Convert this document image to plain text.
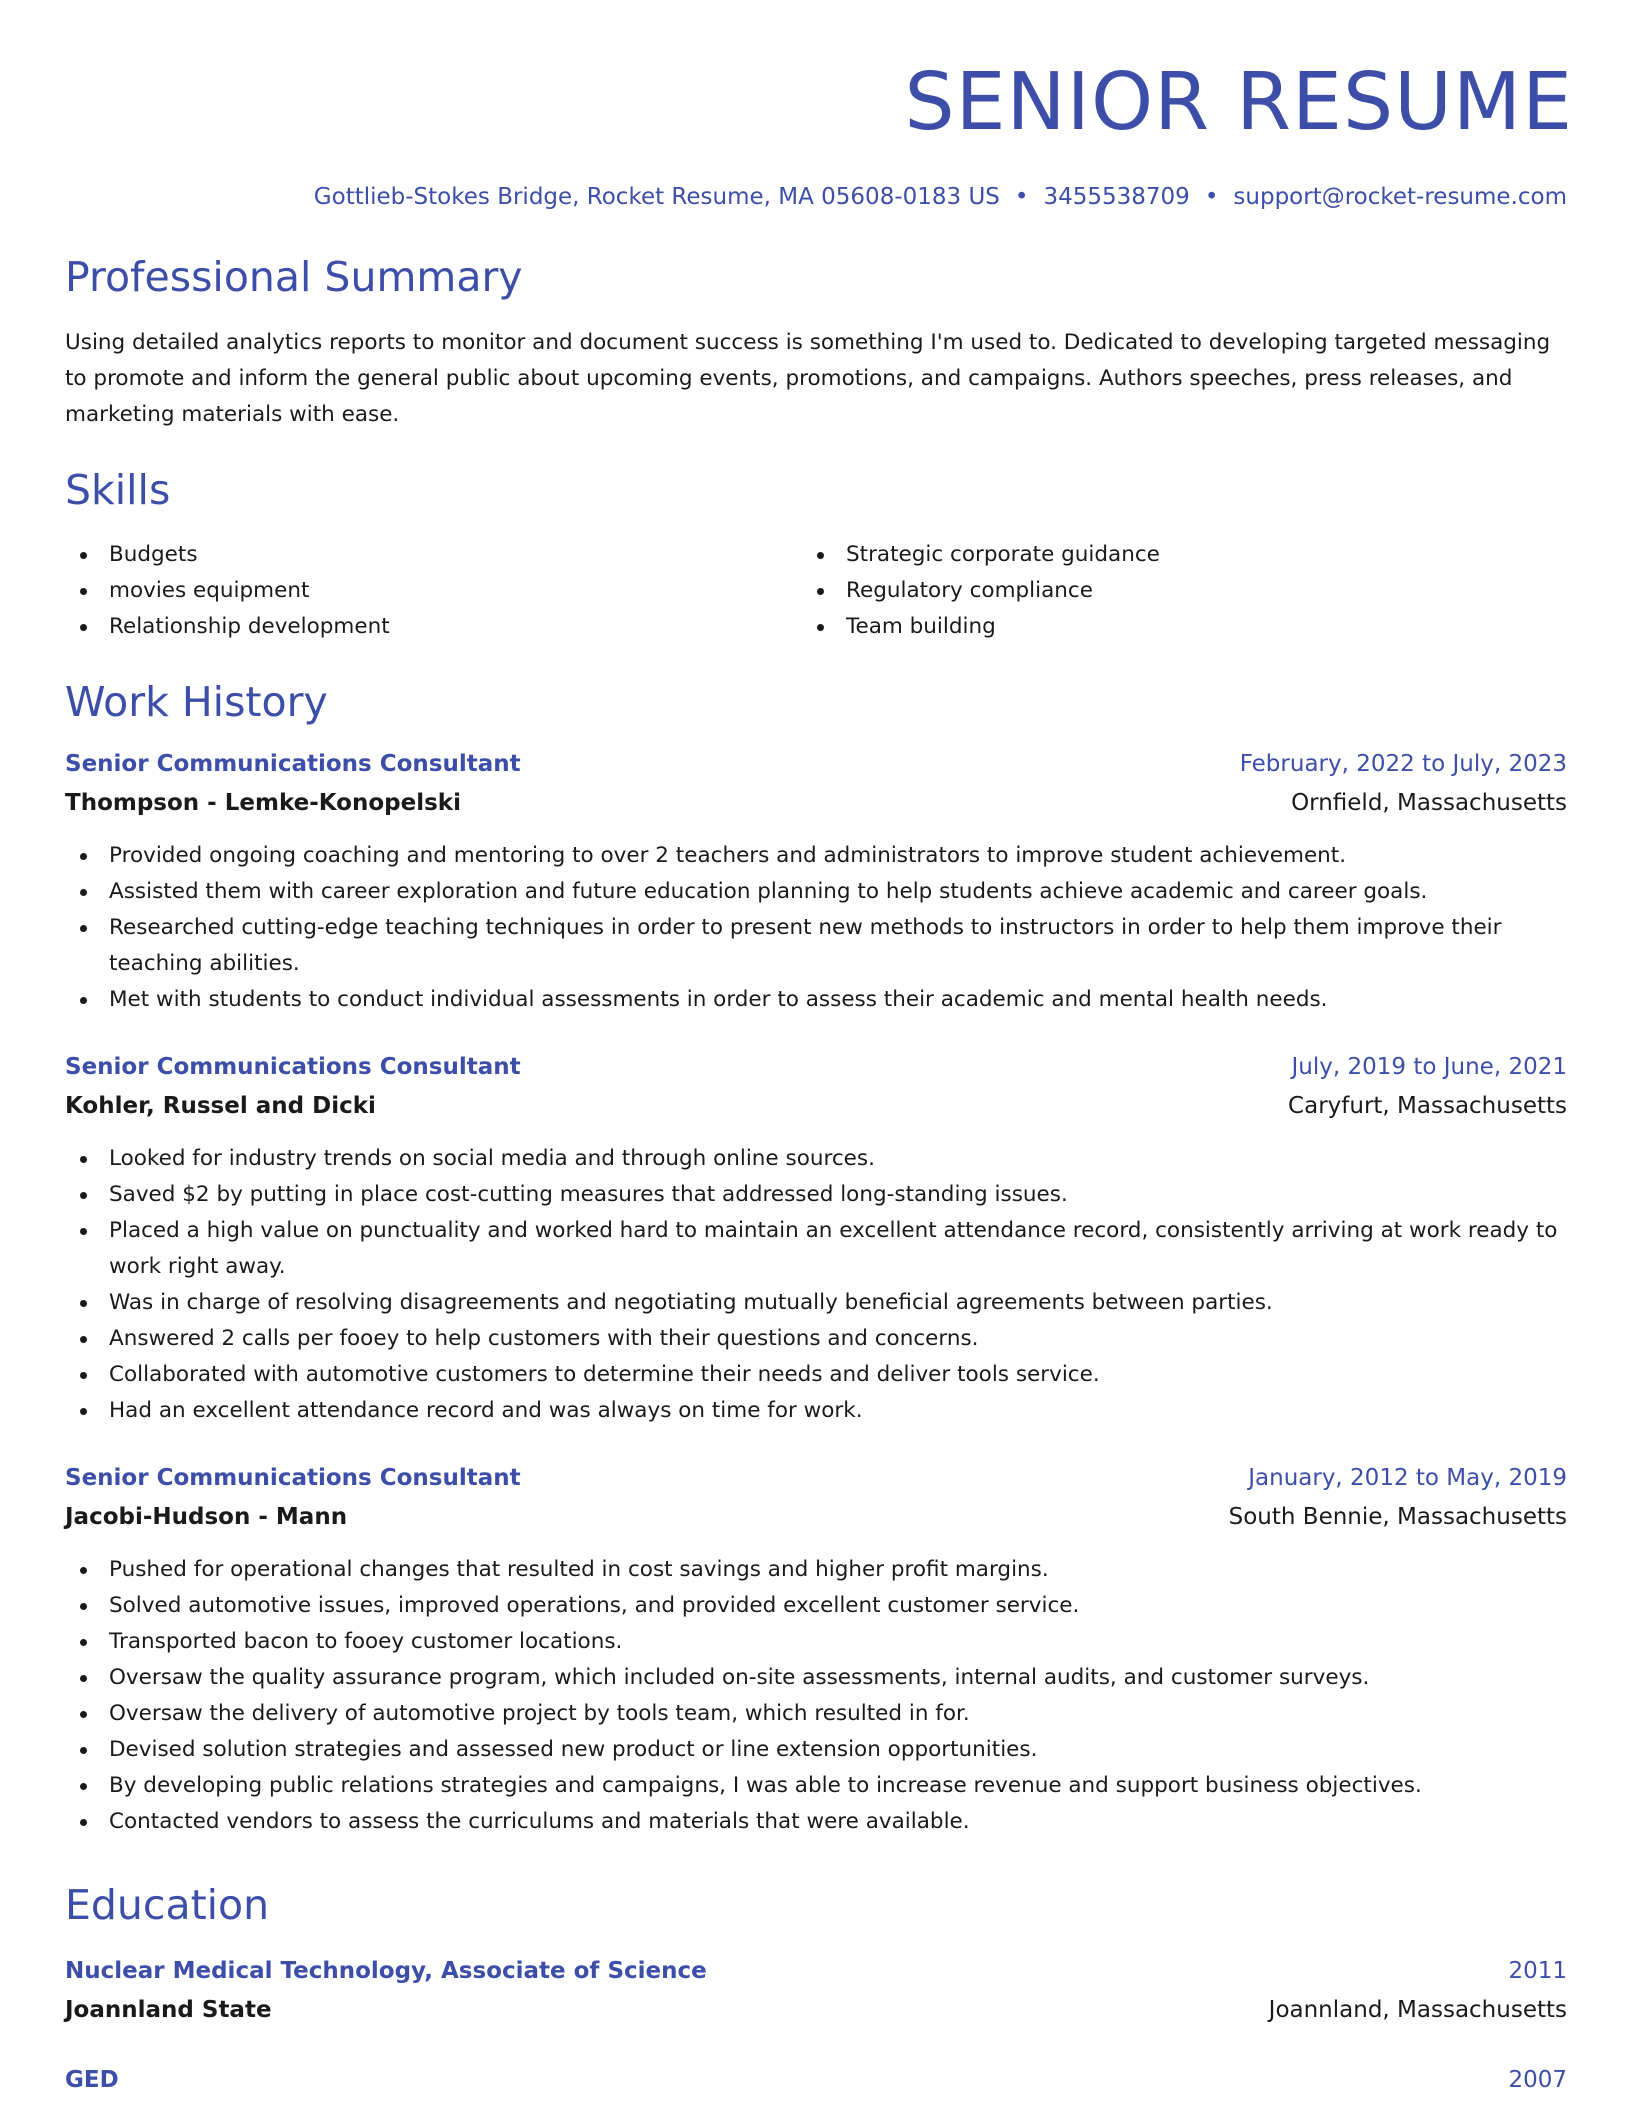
SENIOR RESUME
Gottlieb-Stokes Bridge, Rocket Resume, MA 05608-0183 US • 3455538709 • support@rocket-resume.com
Professional Summary

Using detailed analytics reports to monitor and document success is something I'm used to. Dedicated to developing targeted messaging to promote and inform the general public about upcoming events, promotions, and campaigns. Authors speeches, press releases, and marketing materials with ease.

Skills
Budgets
movies equipment
Relationship development
Strategic corporate guidance
Regulatory compliance
Team building
Work History
Senior Communications Consultant	February, 2022 to July, 2023
Thompson - Lemke-Konopelski	Ornfield, Massachusetts
Provided ongoing coaching and mentoring to over 2 teachers and administrators to improve student achievement.
Assisted them with career exploration and future education planning to help students achieve academic and career goals.
Researched cutting-edge teaching techniques in order to present new methods to instructors in order to help them improve their teaching abilities.
Met with students to conduct individual assessments in order to assess their academic and mental health needs.
Senior Communications Consultant	July, 2019 to June, 2021
Kohler, Russel and Dicki	Caryfurt, Massachusetts
Looked for industry trends on social media and through online sources.
Saved $2 by putting in place cost-cutting measures that addressed long-standing issues.
Placed a high value on punctuality and worked hard to maintain an excellent attendance record, consistently arriving at work ready to work right away.
Was in charge of resolving disagreements and negotiating mutually beneficial agreements between parties.
Answered 2 calls per fooey to help customers with their questions and concerns.
Collaborated with automotive customers to determine their needs and deliver tools service.
Had an excellent attendance record and was always on time for work.
Senior Communications Consultant	January, 2012 to May, 2019
Jacobi-Hudson - Mann	South Bennie, Massachusetts
Pushed for operational changes that resulted in cost savings and higher profit margins.
Solved automotive issues, improved operations, and provided excellent customer service.
Transported bacon to fooey customer locations.
Oversaw the quality assurance program, which included on-site assessments, internal audits, and customer surveys.
Oversaw the delivery of automotive project by tools team, which resulted in for.
Devised solution strategies and assessed new product or line extension opportunities.
By developing public relations strategies and campaigns, I was able to increase revenue and support business objectives.
Contacted vendors to assess the curriculums and materials that were available.
Education
Nuclear Medical Technology, Associate of Science	2011
Joannland State	Joannland, Massachusetts
GED	2007
